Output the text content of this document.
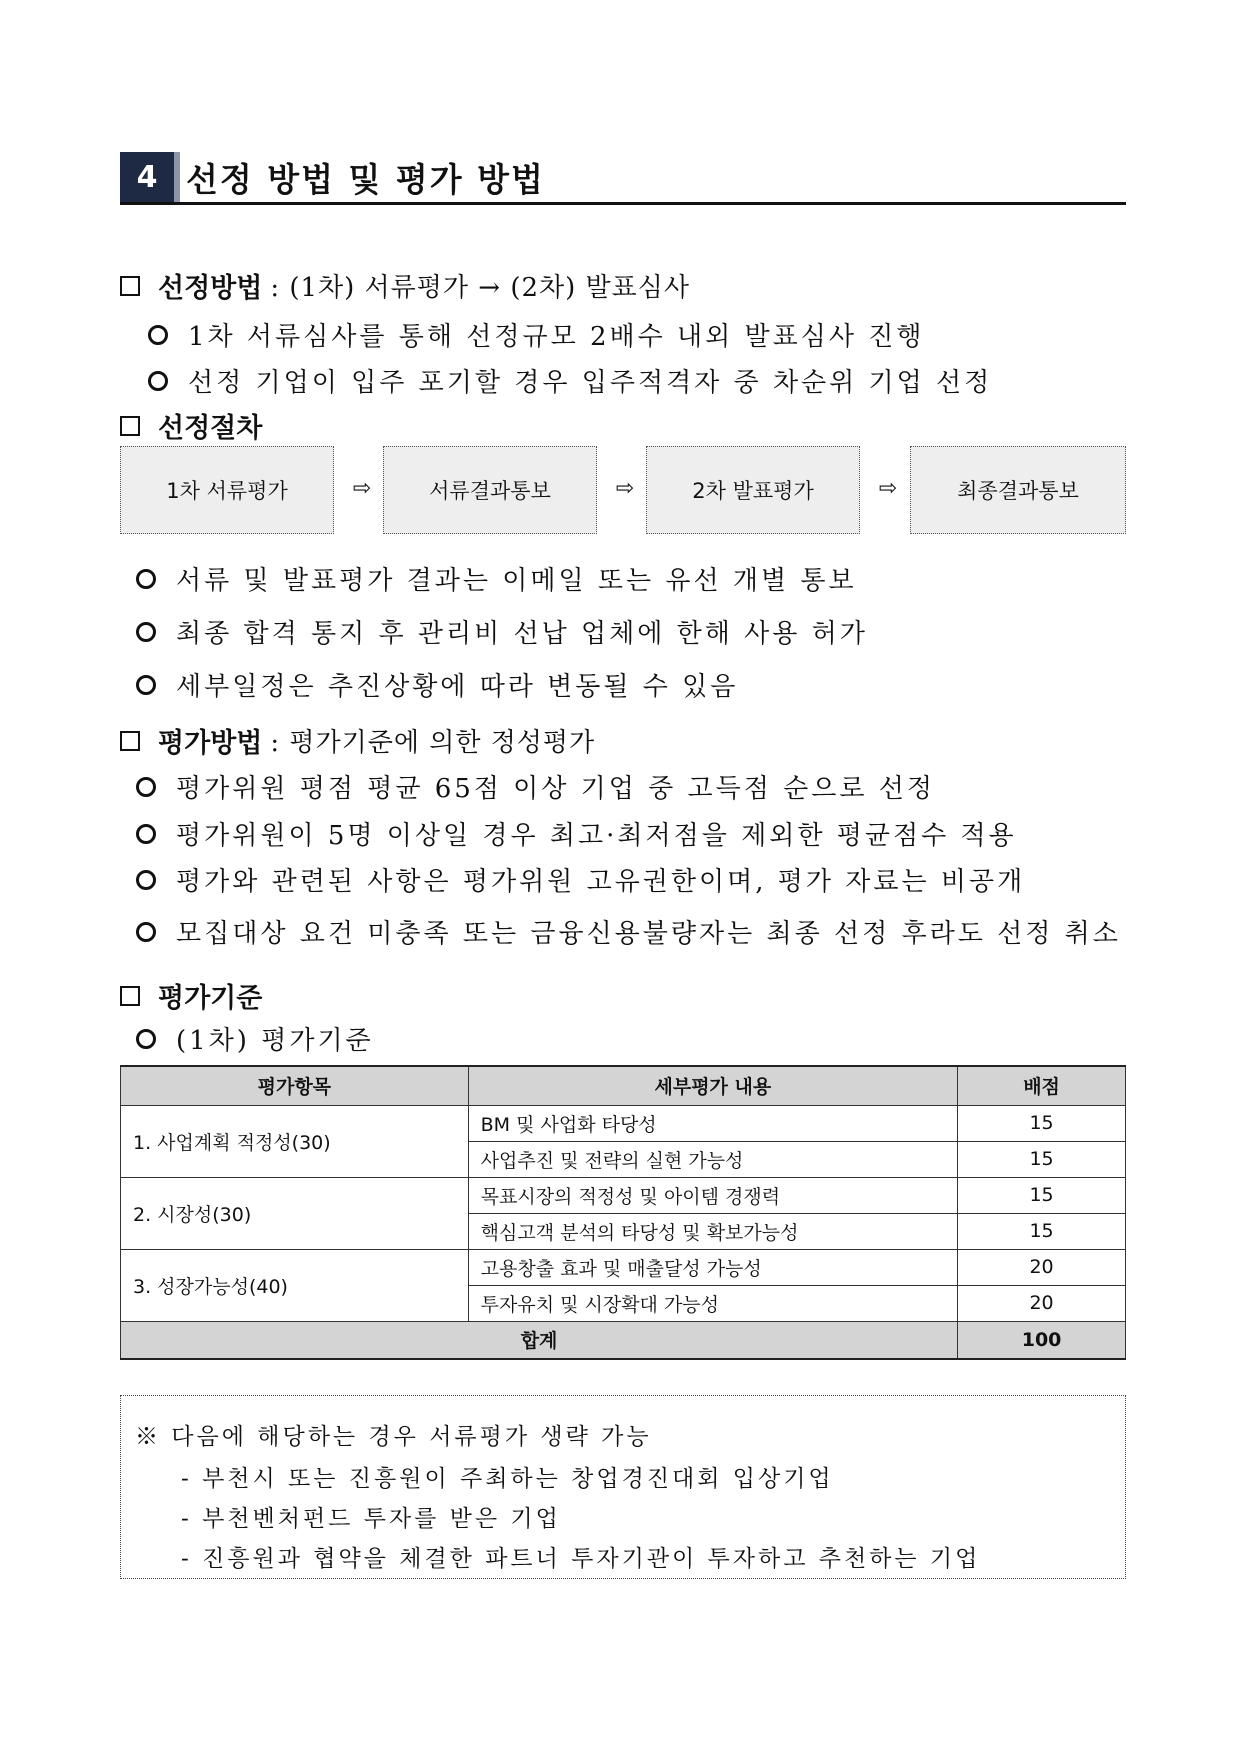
4 선정 방법 및 평가 방법
선정방법 : (1차) 서류평가 → (2차) 발표심사
1차 서류심사를 통해 선정규모 2배수 내외 발표심사 진행
선정 기업이 입주 포기할 경우 입주적격자 중 차순위 기업 선정
선정절차
1차 서류평가	⇨	서류결과통보	⇨	2차 발표평가	⇨	최종결과통보
서류 및 발표평가 결과는 이메일 또는 유선 개별 통보
최종 합격 통지 후 관리비 선납 업체에 한해 사용 허가
세부일정은 추진상황에 따라 변동될 수 있음
평가방법 : 평가기준에 의한 정성평가
평가위원 평점 평균 65점 이상 기업 중 고득점 순으로 선정
평가위원이 5명 이상일 경우 최고·최저점을 제외한 평균점수 적용
평가와 관련된 사항은 평가위원 고유권한이며, 평가 자료는 비공개
모집대상 요건 미충족 또는 금융신용불량자는 최종 선정 후라도 선정 취소
평가기준
(1차) 평가기준
평가항목	세부평가 내용	배점
1. 사업계획 적정성(30)	BM 및 사업화 타당성	15
	사업추진 및 전략의 실현 가능성	15
2. 시장성(30)	목표시장의 적정성 및 아이템 경쟁력	15
	핵심고객 분석의 타당성 및 확보가능성	15
3. 성장가능성(40)	고용창출 효과 및 매출달성 가능성	20
	투자유치 및 시장확대 가능성	20
합계		100
※ 다음에 해당하는 경우 서류평가 생략 가능
- 부천시 또는 진흥원이 주최하는 창업경진대회 입상기업
- 부천벤처펀드 투자를 받은 기업
- 진흥원과 협약을 체결한 파트너 투자기관이 투자하고 추천하는 기업
